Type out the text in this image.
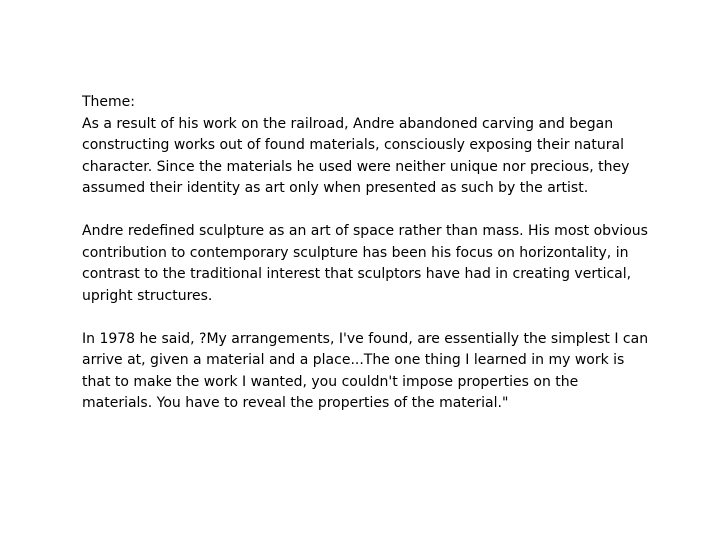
Theme:

As a result of his work on the railroad, Andre abandoned carving and began
constructing works out of found materials, consciously exposing their natural
character. Since the materials he used were neither unique nor precious, they
assumed their identity as art only when presented as such by the artist.

Andre redefined sculpture as an art of space rather than mass. His most obvious
contribution to contemporary sculpture has been his focus on horizontality, in
contrast to the traditional interest that sculptors have had in creating vertical,
upright structures.

In 1978 he said, ?My arrangements, I've found, are essentially the simplest I can
arrive at, given a material and a place...The one thing I learned in my work is
that to make the work I wanted, you couldn't impose properties on the
materials. You have to reveal the properties of the material."
